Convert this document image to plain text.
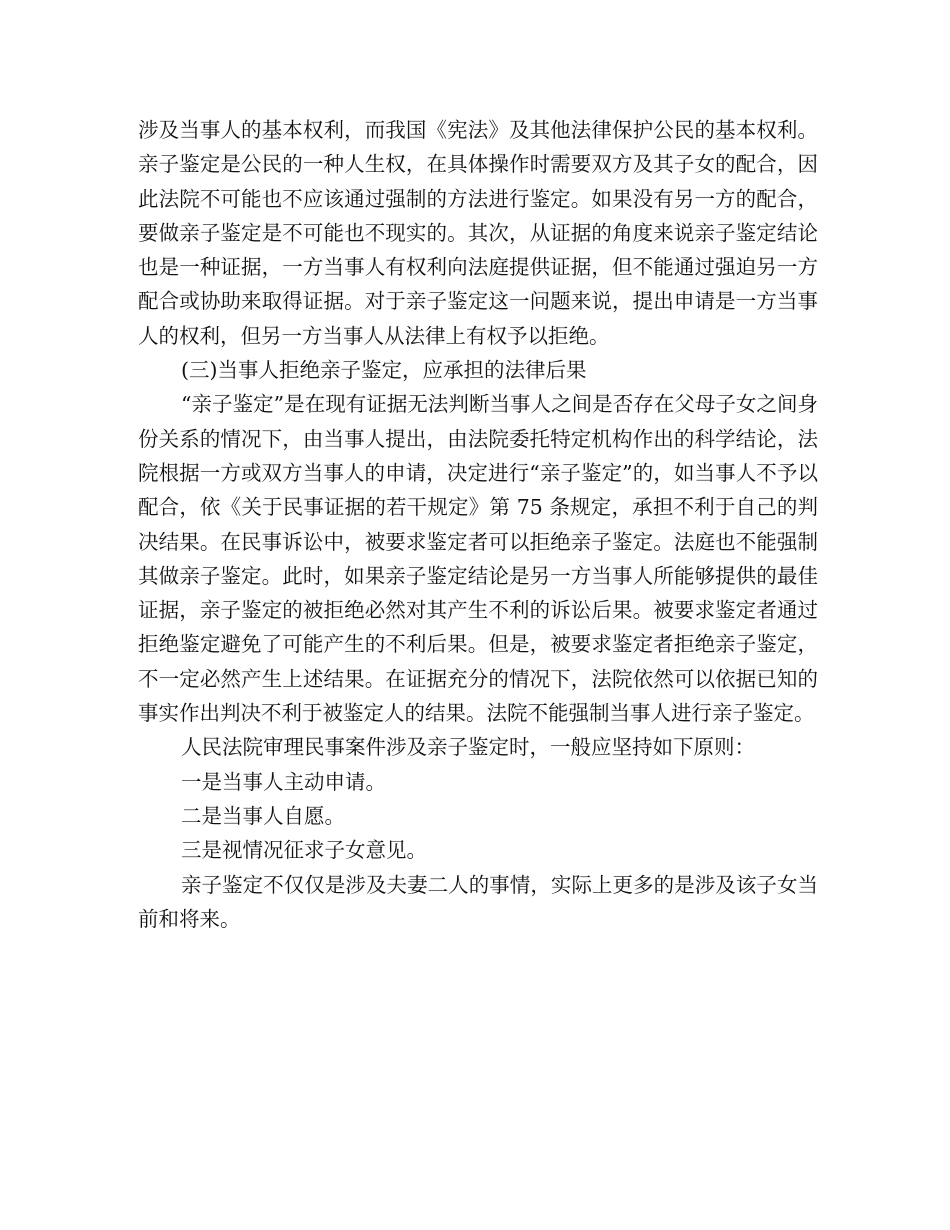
涉及当事人的基本权利，而我国《宪法》及其他法律保护公民的基本权利。亲子鉴定是公民的一种人生权，在具体操作时需要双方及其子女的配合，因此法院不可能也不应该通过强制的方法进行鉴定。如果没有另一方的配合，要做亲子鉴定是不可能也不现实的。其次，从证据的角度来说亲子鉴定结论也是一种证据，一方当事人有权利向法庭提供证据，但不能通过强迫另一方配合或协助来取得证据。对于亲子鉴定这一问题来说，提出申请是一方当事人的权利，但另一方当事人从法律上有权予以拒绝。

(三)当事人拒绝亲子鉴定，应承担的法律后果

“亲子鉴定”是在现有证据无法判断当事人之间是否存在父母子女之间身份关系的情况下，由当事人提出，由法院委托特定机构作出的科学结论，法院根据一方或双方当事人的申请，决定进行“亲子鉴定”的，如当事人不予以配合，依《关于民事证据的若干规定》第 75 条规定，承担不利于自己的判决结果。在民事诉讼中，被要求鉴定者可以拒绝亲子鉴定。法庭也不能强制其做亲子鉴定。此时，如果亲子鉴定结论是另一方当事人所能够提供的最佳证据，亲子鉴定的被拒绝必然对其产生不利的诉讼后果。被要求鉴定者通过拒绝鉴定避免了可能产生的不利后果。但是，被要求鉴定者拒绝亲子鉴定，不一定必然产生上述结果。在证据充分的情况下，法院依然可以依据已知的事实作出判决不利于被鉴定人的结果。法院不能强制当事人进行亲子鉴定。

人民法院审理民事案件涉及亲子鉴定时，一般应坚持如下原则：

一是当事人主动申请。

二是当事人自愿。

三是视情况征求子女意见。

亲子鉴定不仅仅是涉及夫妻二人的事情，实际上更多的是涉及该子女当前和将来。
